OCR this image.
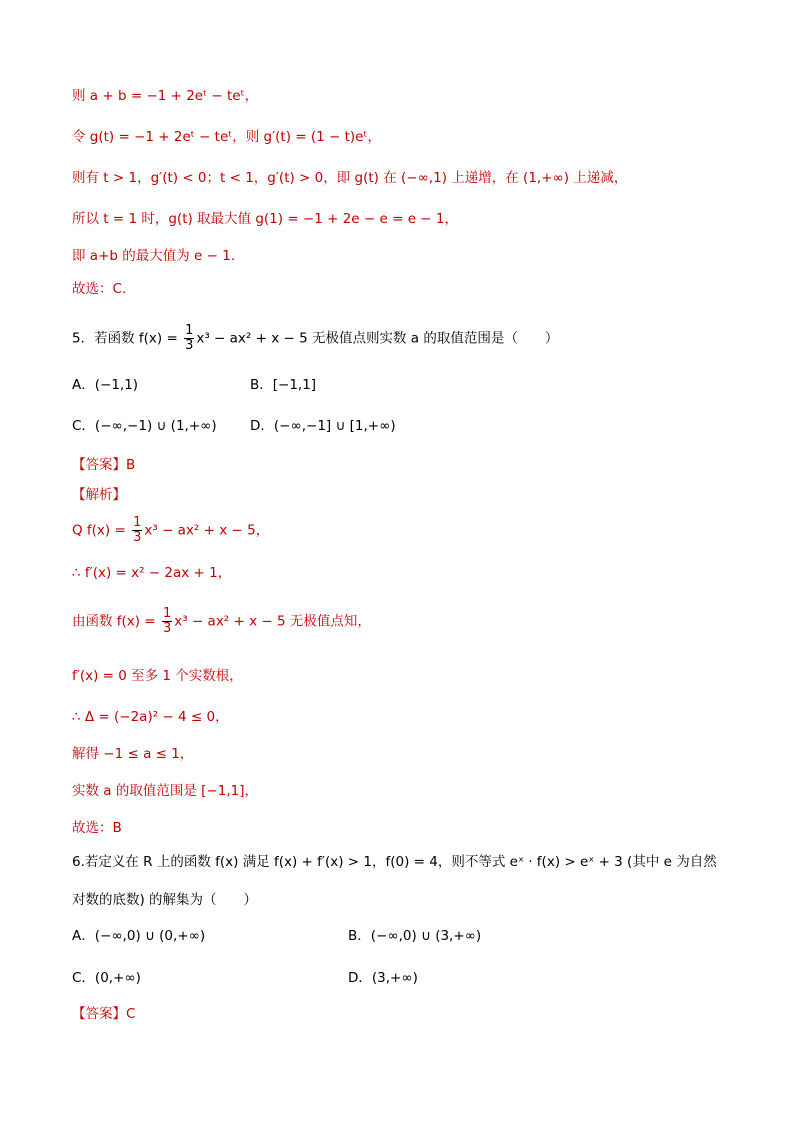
则 a + b = −1 + 2eᵗ − teᵗ，
令 g(t) = −1 + 2eᵗ − teᵗ，则 g′(t) = (1 − t)eᵗ，
则有 t > 1，g′(t) < 0；t < 1，g′(t) > 0，即 g(t) 在 (−∞,1) 上递增，在 (1,+∞) 上递减，
所以 t = 1 时，g(t) 取最大值 g(1) = −1 + 2e − e = e − 1，
即 a+b 的最大值为 e − 1.
故选：C.
5．若函数 $f(x) = \frac{1}{3} x^3 - ax^2 + x - 5$ 无极值点则实数 a 的取值范围是（　　）
A．(−1,1)	B．[−1,1]
C．(−∞,−1) ∪ (1,+∞) D．(−∞,−1] ∪ [1,+∞)
【答案】B
【解析】
Q $f(x) = \frac{1}{3} x^3 - ax^2 + x - 5$，
∴ f′(x) = x² − 2ax + 1，
由函数 $f(x) = \frac{1}{3} x^3 - ax^2 + x - 5$ 无极值点知，
f′(x) = 0 至多 1 个实数根，
∴ Δ = (−2a)² − 4 ≤ 0，
解得 −1 ≤ a ≤ 1，
实数 a 的取值范围是 [−1,1]，
故选：B
6.若定义在 R 上的函数 f(x) 满足 f(x) + f′(x) > 1，f(0) = 4，则不等式 eˣ · f(x) > eˣ + 3 (其中 e 为自然
对数的底数) 的解集为（　　）
A．(−∞,0) ∪ (0,+∞)	B．(−∞,0) ∪ (3,+∞)
C．(0,+∞)	D．(3,+∞)
【答案】C
